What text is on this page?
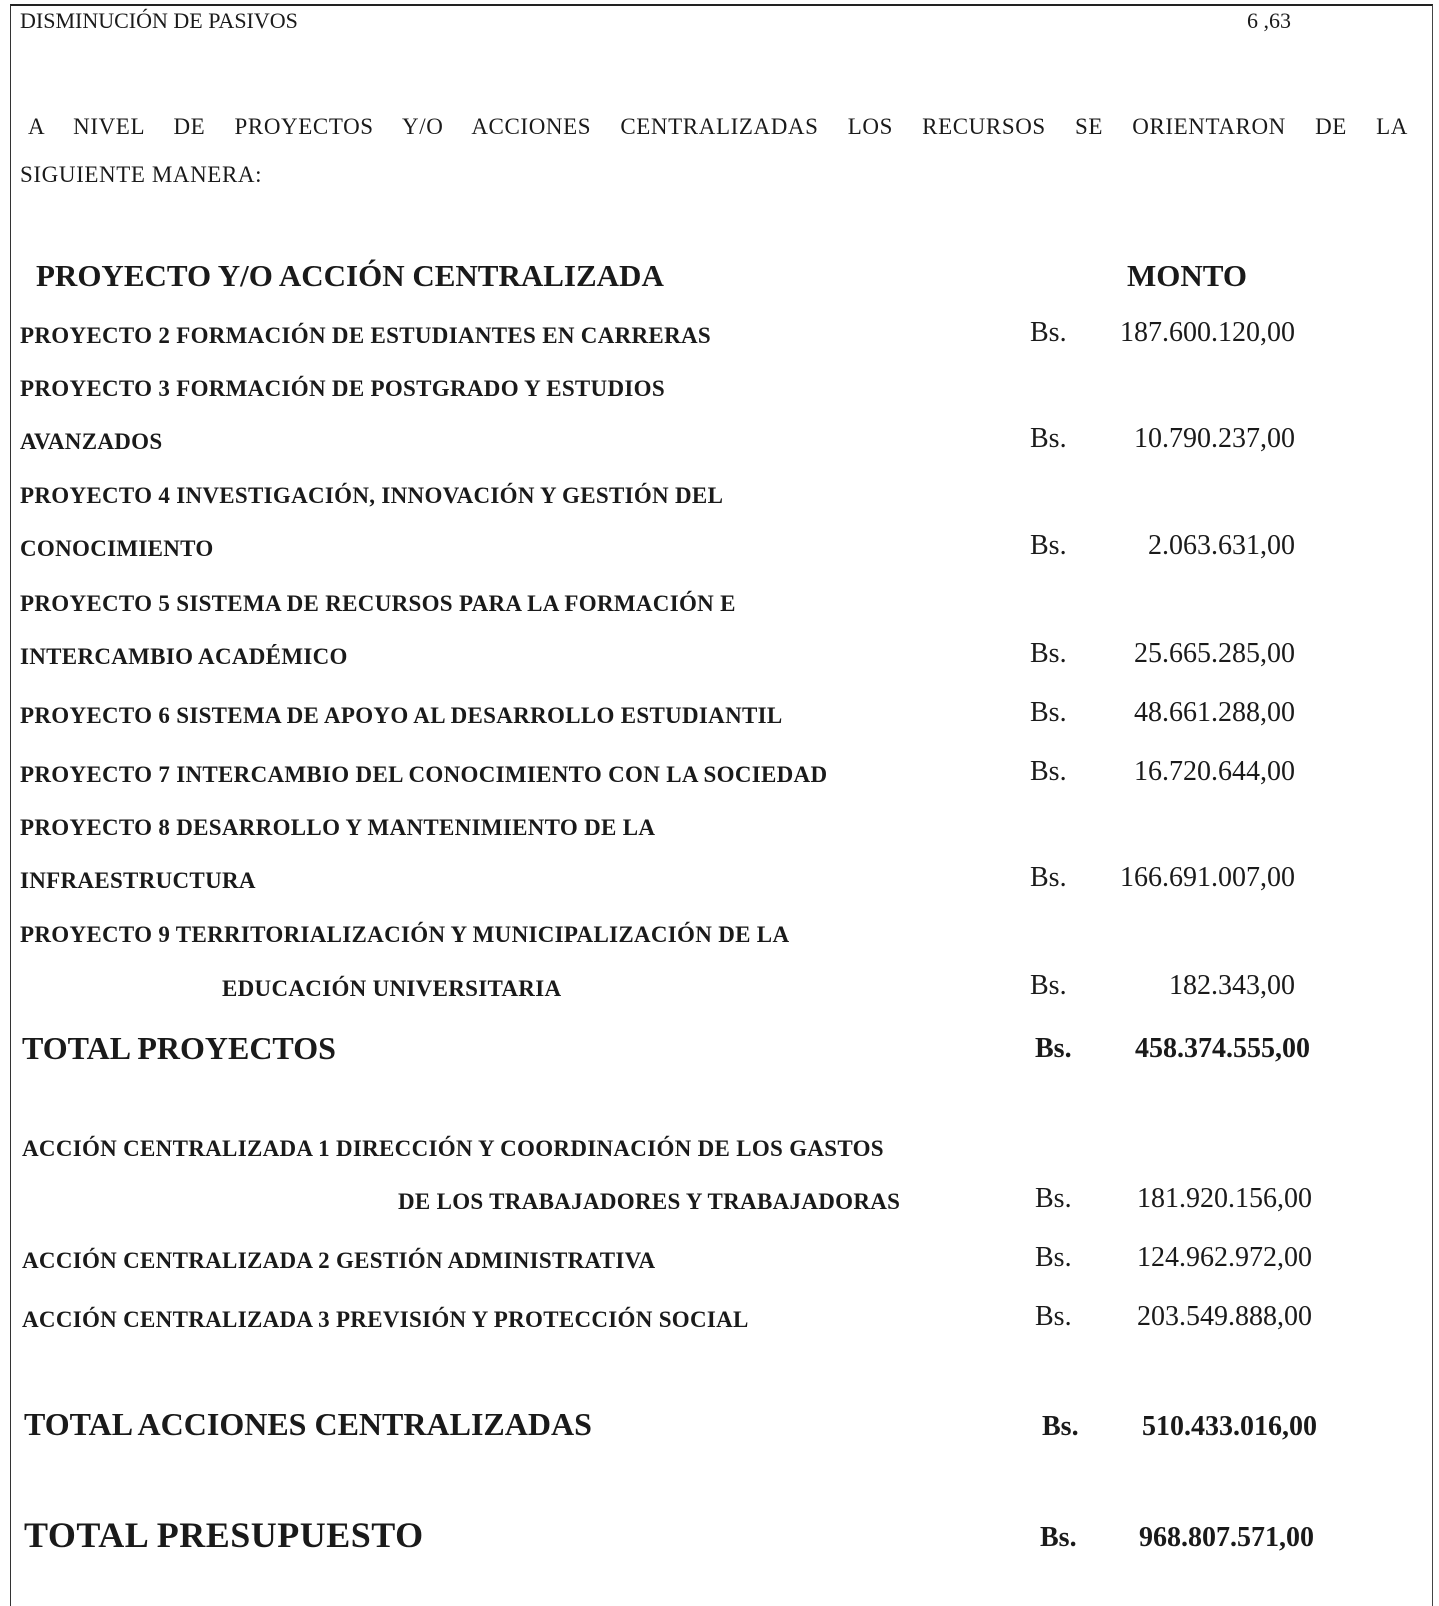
DISMINUCIÓN DE PASIVOS	6 ,63
A NIVEL DE PROYECTOS Y/O ACCIONES CENTRALIZADAS LOS RECURSOS SE ORIENTARON DE LA
SIGUIENTE MANERA:
PROYECTO Y/O ACCIÓN CENTRALIZADA	MONTO
PROYECTO 2 FORMACIÓN DE ESTUDIANTES EN CARRERAS	Bs.	187.600.120,00
PROYECTO 3 FORMACIÓN DE POSTGRADO Y ESTUDIOS
AVANZADOS	Bs.	10.790.237,00
PROYECTO 4 INVESTIGACIÓN, INNOVACIÓN Y GESTIÓN DEL
CONOCIMIENTO	Bs.	2.063.631,00
PROYECTO 5 SISTEMA DE RECURSOS PARA LA FORMACIÓN E
INTERCAMBIO ACADÉMICO	Bs.	25.665.285,00
PROYECTO 6 SISTEMA DE APOYO AL DESARROLLO ESTUDIANTIL	Bs.	48.661.288,00
PROYECTO 7 INTERCAMBIO DEL CONOCIMIENTO CON LA SOCIEDAD	Bs.	16.720.644,00
PROYECTO 8 DESARROLLO Y MANTENIMIENTO DE LA
INFRAESTRUCTURA	Bs.	166.691.007,00
PROYECTO 9 TERRITORIALIZACIÓN Y MUNICIPALIZACIÓN DE LA
EDUCACIÓN UNIVERSITARIA	Bs.	182.343,00
TOTAL PROYECTOS	Bs.	458.374.555,00
ACCIÓN CENTRALIZADA 1 DIRECCIÓN Y COORDINACIÓN DE LOS GASTOS
DE LOS TRABAJADORES Y TRABAJADORAS	Bs.	181.920.156,00
ACCIÓN CENTRALIZADA 2 GESTIÓN ADMINISTRATIVA	Bs.	124.962.972,00
ACCIÓN CENTRALIZADA 3 PREVISIÓN Y PROTECCIÓN SOCIAL	Bs.	203.549.888,00
TOTAL ACCIONES CENTRALIZADAS	Bs.	510.433.016,00
TOTAL PRESUPUESTO	Bs.	968.807.571,00
